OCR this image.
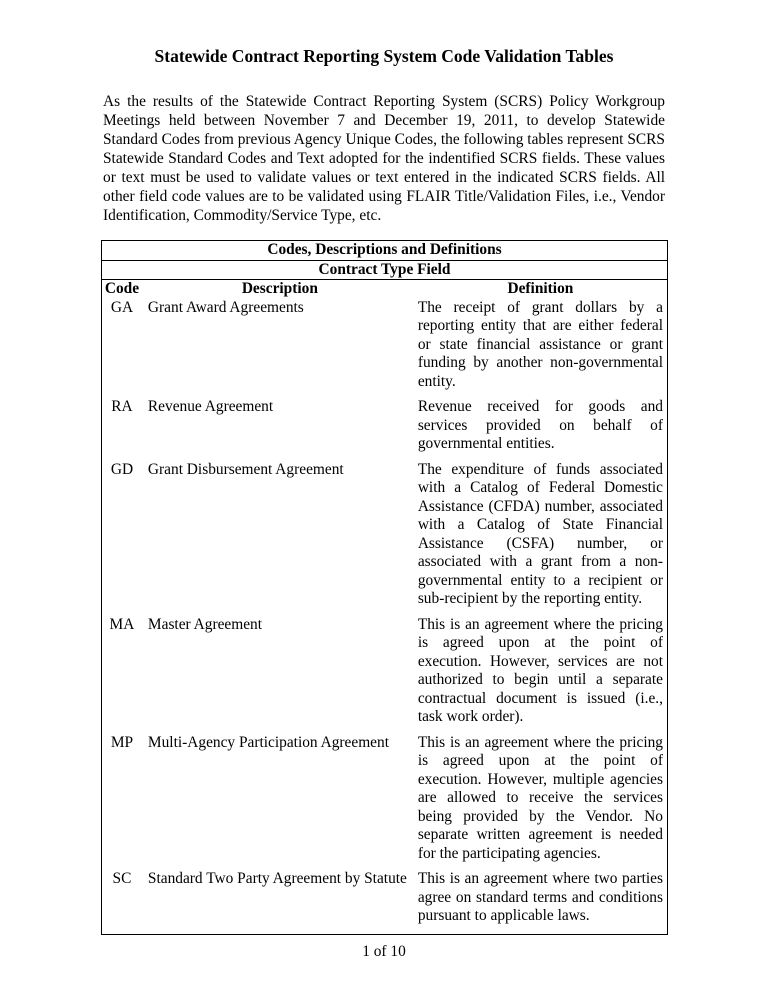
Statewide Contract Reporting System Code Validation Tables

As the results of the Statewide Contract Reporting System (SCRS) Policy Workgroup Meetings held between November 7 and December 19, 2011, to develop Statewide Standard Codes from previous Agency Unique Codes, the following tables represent SCRS Statewide Standard Codes and Text adopted for the indentified SCRS fields. These values or text must be used to validate values or text entered in the indicated SCRS fields. All other field code values are to be validated using FLAIR Title/Validation Files, i.e., Vendor Identification, Commodity/Service Type, etc.

Codes, Descriptions and Definitions		
Contract Type Field		
Code	Description	Definition
GA	Grant Award Agreements	The receipt of grant dollars by a reporting entity that are either federal or state financial assistance or grant funding by another non-governmental entity.
RA	Revenue Agreement	Revenue received for goods and services provided on behalf of governmental entities.
GD	Grant Disbursement Agreement	The expenditure of funds associated with a Catalog of Federal Domestic Assistance (CFDA) number, associated with a Catalog of State Financial Assistance (CSFA) number, or associated with a grant from a non-governmental entity to a recipient or sub-recipient by the reporting entity.
MA	Master Agreement	This is an agreement where the pricing is agreed upon at the point of execution. However, services are not authorized to begin until a separate contractual document is issued (i.e., task work order).
MP	Multi-Agency Participation Agreement	This is an agreement where the pricing is agreed upon at the point of execution. However, multiple agencies are allowed to receive the services being provided by the Vendor. No separate written agreement is needed for the participating agencies.
SC	Standard Two Party Agreement by Statute	This is an agreement where two parties agree on standard terms and conditions pursuant to applicable laws.
1 of 10
